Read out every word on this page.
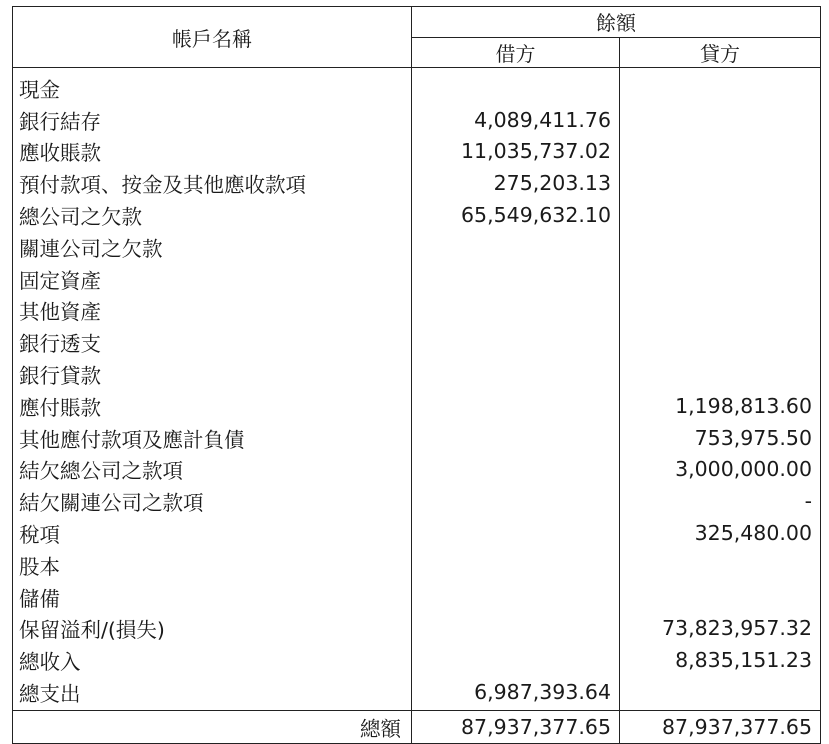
帳戶名稱	餘額	
	借方	貸方
現金		
銀行結存	4,089,411.76	
應收賬款	11,035,737.02	
預付款項、按金及其他應收款項	275,203.13	
總公司之欠款	65,549,632.10	
關連公司之欠款		
固定資產		
其他資產		
銀行透支		
銀行貸款		
應付賬款		1,198,813.60
其他應付款項及應計負債		753,975.50
結欠總公司之款項		3,000,000.00
結欠關連公司之款項		-
稅項		325,480.00
股本		
儲備		
保留溢利/(損失)		73,823,957.32
總收入		8,835,151.23
總支出	6,987,393.64	
總額	87,937,377.65	87,937,377.65
